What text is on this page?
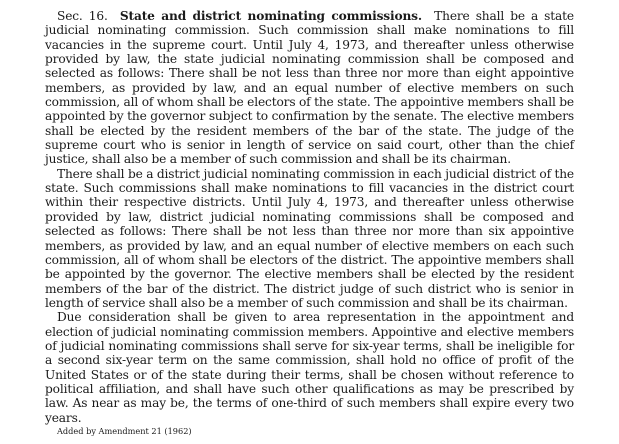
Sec. 16. State and district nominating commissions. There shall be a state judicial nominating commission. Such commission shall make nominations to fill vacancies in the supreme court. Until July 4, 1973, and thereafter unless otherwise provided by law, the state judicial nominating commission shall be composed and selected as follows: There shall be not less than three nor more than eight appointive members, as provided by law, and an equal number of elective members on such commission, all of whom shall be electors of the state. The appointive members shall be appointed by the governor subject to confirmation by the senate. The elective members shall be elected by the resident members of the bar of the state. The judge of the supreme court who is senior in length of service on said court, other than the chief justice, shall also be a member of such commission and shall be its chairman.

There shall be a district judicial nominating commission in each judicial district of the state. Such commissions shall make nominations to fill vacancies in the district court within their respective districts. Until July 4, 1973, and thereafter unless otherwise provided by law, district judicial nominating commissions shall be composed and selected as follows: There shall be not less than three nor more than six appointive members, as provided by law, and an equal number of elective members on each such commission, all of whom shall be electors of the district. The appointive members shall be appointed by the governor. The elective members shall be elected by the resident members of the bar of the district. The district judge of such district who is senior in length of service shall also be a member of such commission and shall be its chairman.

Due consideration shall be given to area representation in the appointment and election of judicial nominating commission members. Appointive and elective members of judicial nominating commissions shall serve for six-year terms, shall be ineligible for a second six-year term on the same commission, shall hold no office of profit of the United States or of the state during their terms, shall be chosen without reference to political affiliation, and shall have such other qualifications as may be prescribed by law. As near as may be, the terms of one-third of such members shall expire every two years.

Added by Amendment 21 (1962)
